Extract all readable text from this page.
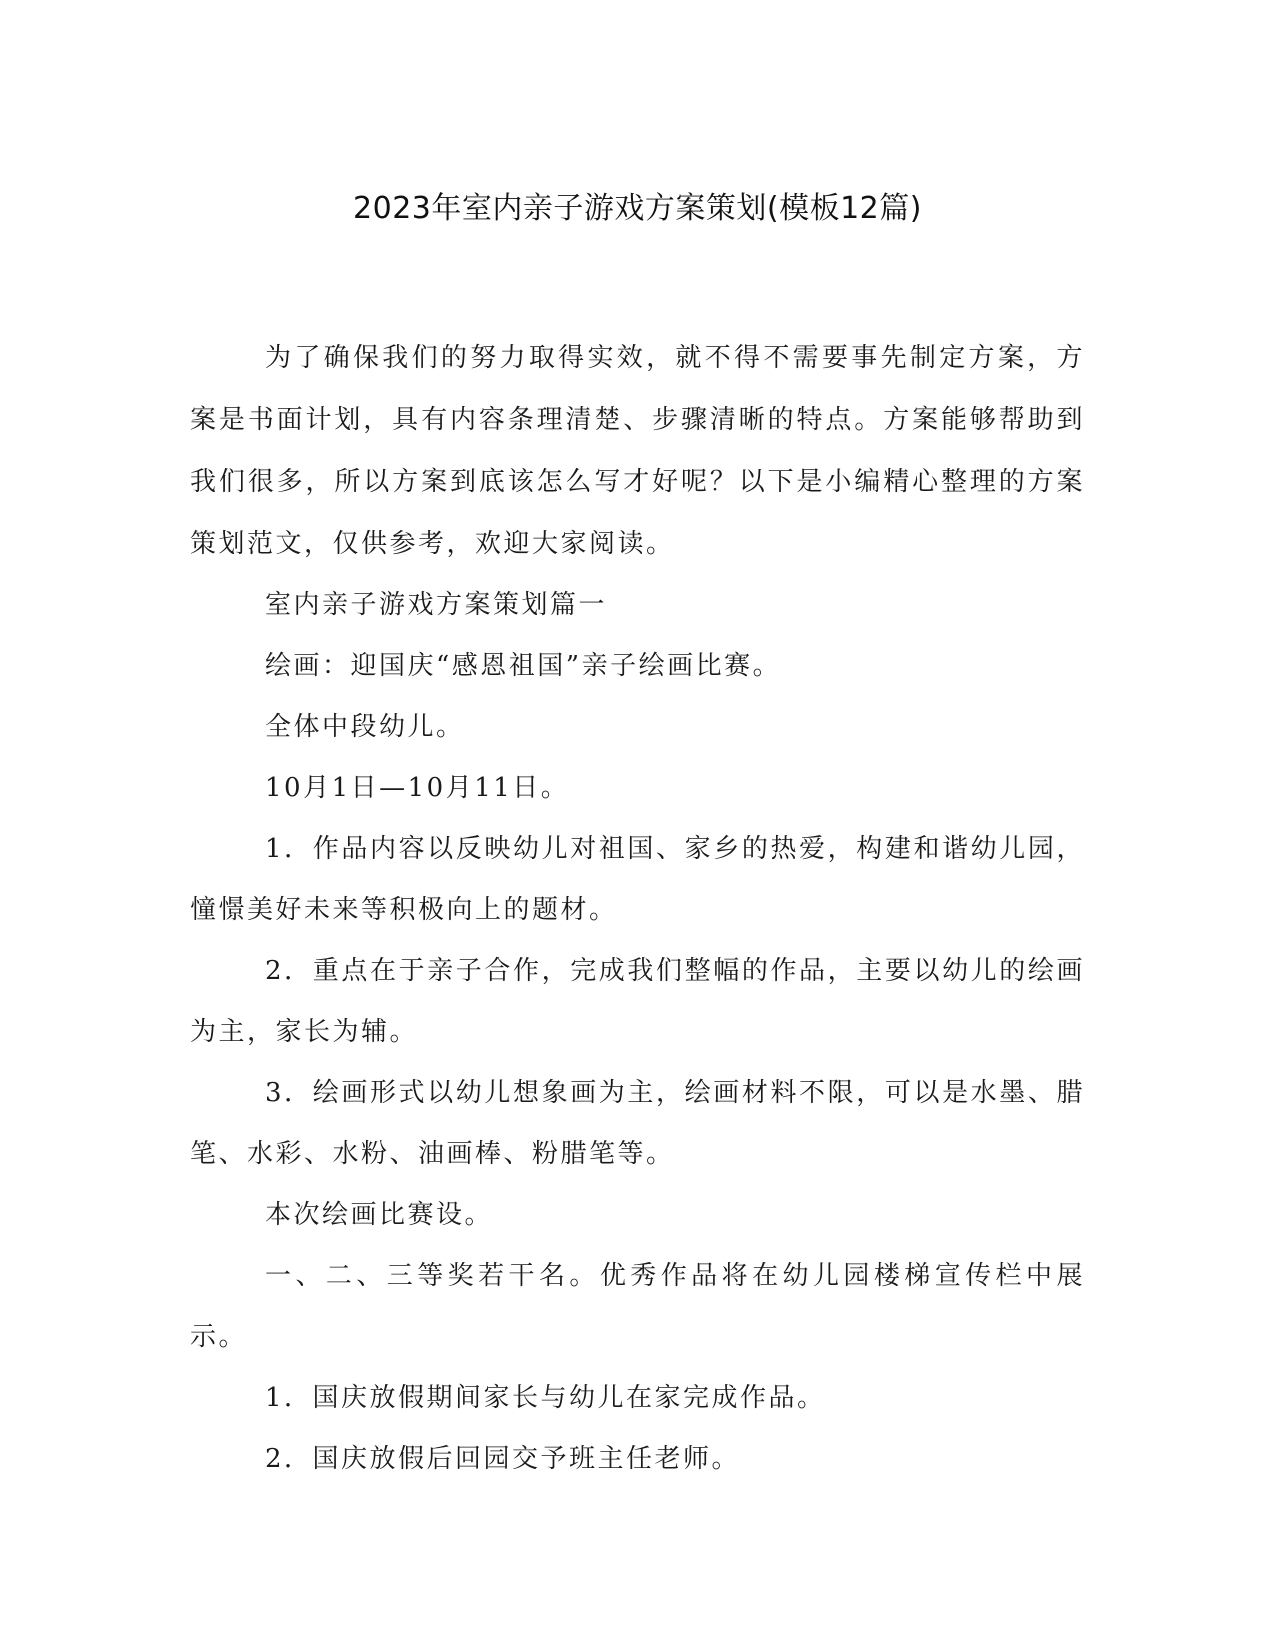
2023年室内亲子游戏方案策划(模板12篇)

为了确保我们的努力取得实效，就不得不需要事先制定方案，方案是书面计划，具有内容条理清楚、步骤清晰的特点。方案能够帮助到我们很多，所以方案到底该怎么写才好呢？以下是小编精心整理的方案策划范文，仅供参考，欢迎大家阅读。

室内亲子游戏方案策划篇一

绘画：迎国庆“感恩祖国”亲子绘画比赛。

全体中段幼儿。

10月1日—10月11日。

1．作品内容以反映幼儿对祖国、家乡的热爱，构建和谐幼儿园，憧憬美好未来等积极向上的题材。

2．重点在于亲子合作，完成我们整幅的作品，主要以幼儿的绘画为主，家长为辅。

3．绘画形式以幼儿想象画为主，绘画材料不限，可以是水墨、腊笔、水彩、水粉、油画棒、粉腊笔等。

本次绘画比赛设。

一、二、三等奖若干名。优秀作品将在幼儿园楼梯宣传栏中展示。

1．国庆放假期间家长与幼儿在家完成作品。

2．国庆放假后回园交予班主任老师。
